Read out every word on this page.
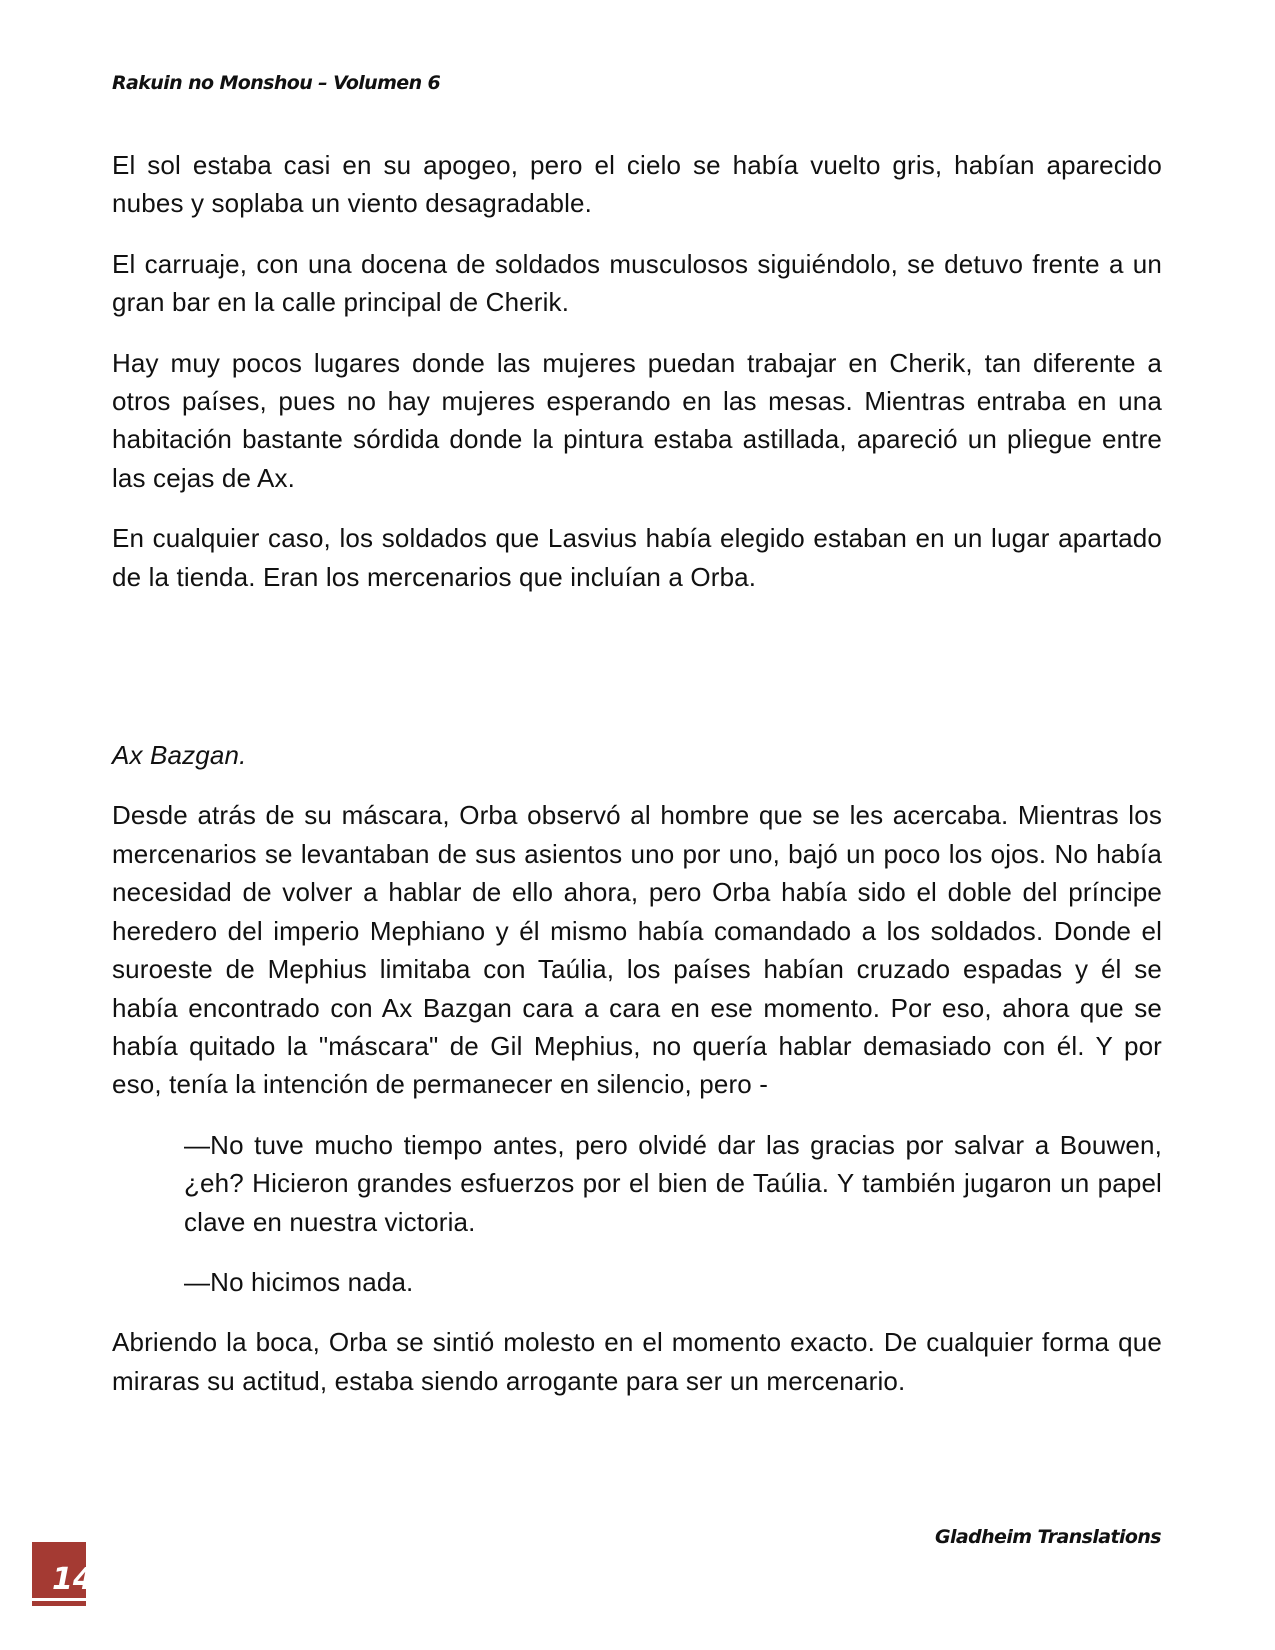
Rakuin no Monshou – Volumen 6

El sol estaba casi en su apogeo, pero el cielo se había vuelto gris, habían aparecido nubes y soplaba un viento desagradable.

El carruaje, con una docena de soldados musculosos siguiéndolo, se detuvo frente a un gran bar en la calle principal de Cherik.

Hay muy pocos lugares donde las mujeres puedan trabajar en Cherik, tan diferente a otros países, pues no hay mujeres esperando en las mesas. Mientras entraba en una habitación bastante sórdida donde la pintura estaba astillada, apareció un pliegue entre las cejas de Ax.

En cualquier caso, los soldados que Lasvius había elegido estaban en un lugar apartado de la tienda. Eran los mercenarios que incluían a Orba.

Ax Bazgan.

Desde atrás de su máscara, Orba observó al hombre que se les acercaba. Mientras los mercenarios se levantaban de sus asientos uno por uno, bajó un poco los ojos. No había necesidad de volver a hablar de ello ahora, pero Orba había sido el doble del príncipe heredero del imperio Mephiano y él mismo había comandado a los soldados. Donde el suroeste de Mephius limitaba con Taúlia, los países habían cruzado espadas y él se había encontrado con Ax Bazgan cara a cara en ese momento. Por eso, ahora que se había quitado la "máscara" de Gil Mephius, no quería hablar demasiado con él. Y por eso, tenía la intención de permanecer en silencio, pero -

—No tuve mucho tiempo antes, pero olvidé dar las gracias por salvar a Bouwen, ¿eh? Hicieron grandes esfuerzos por el bien de Taúlia. Y también jugaron un papel clave en nuestra victoria.

—No hicimos nada.

Abriendo la boca, Orba se sintió molesto en el momento exacto. De cualquier forma que miraras su actitud, estaba siendo arrogante para ser un mercenario.

Gladheim Translations
14
